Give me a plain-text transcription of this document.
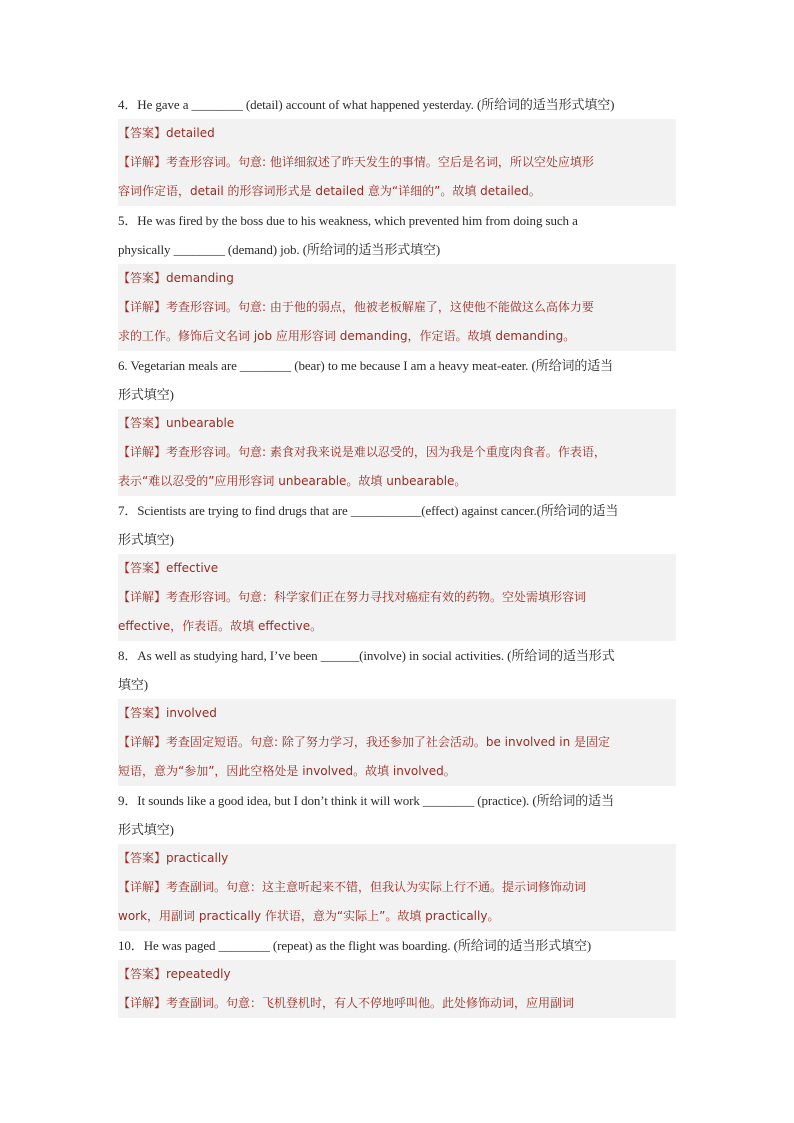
4．He gave a ________ (detail) account of what happened yesterday. (所给词的适当形式填空)
【答案】detailed
【详解】考查形容词。句意: 他详细叙述了昨天发生的事情。空后是名词，所以空处应填形
容词作定语，detail 的形容词形式是 detailed 意为“详细的”。故填 detailed。
5．He was fired by the boss due to his weakness, which prevented him from doing such a
physically ________ (demand) job. (所给词的适当形式填空)
【答案】demanding
【详解】考查形容词。句意: 由于他的弱点，他被老板解雇了，这使他不能做这么高体力要
求的工作。修饰后文名词 job 应用形容词 demanding，作定语。故填 demanding。
6. Vegetarian meals are ________ (bear) to me because I am a heavy meat-eater. (所给词的适当
形式填空)
【答案】unbearable
【详解】考查形容词。句意: 素食对我来说是难以忍受的，因为我是个重度肉食者。作表语，
表示“难以忍受的”应用形容词 unbearable。故填 unbearable。
7．Scientists are trying to find drugs that are ___________(effect) against cancer.(所给词的适当
形式填空)
【答案】effective
【详解】考查形容词。句意：科学家们正在努力寻找对癌症有效的药物。空处需填形容词
effective，作表语。故填 effective。
8．As well as studying hard, I’ve been ______(involve) in social activities. (所给词的适当形式
填空)
【答案】involved
【详解】考查固定短语。句意: 除了努力学习，我还参加了社会活动。be involved in 是固定
短语，意为“参加”，因此空格处是 involved。故填 involved。
9．It sounds like a good idea, but I don’t think it will work ________ (practice). (所给词的适当
形式填空)
【答案】practically
【详解】考查副词。句意：这主意听起来不错，但我认为实际上行不通。提示词修饰动词
work，用副词 practically 作状语，意为“实际上”。故填 practically。
10．He was paged ________ (repeat) as the flight was boarding. (所给词的适当形式填空)
【答案】repeatedly
【详解】考查副词。句意：飞机登机时，有人不停地呼叫他。此处修饰动词，应用副词
